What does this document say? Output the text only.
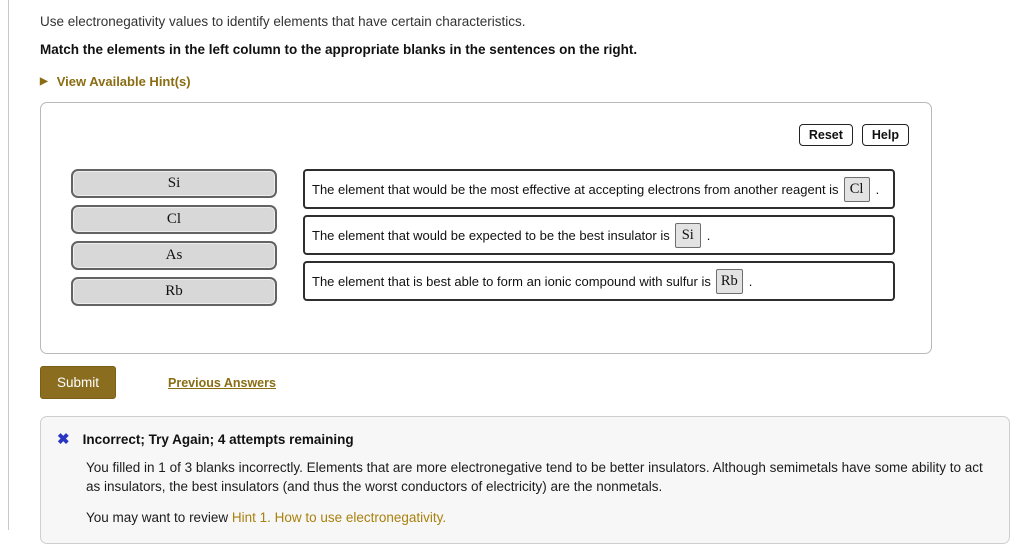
Use electronegativity values to identify elements that have certain characteristics.
Match the elements in the left column to the appropriate blanks in the sentences on the right.
▶ View Available Hint(s)
Reset	Help
Si
Cl
As
Rb
The element that would be the most effective at accepting electrons from another reagent is Cl .
The element that would be expected to be the best insulator is Si .
The element that is best able to form an ionic compound with sulfur is Rb .
Submit	Previous Answers
✖ Incorrect; Try Again; 4 attempts remaining
You filled in 1 of 3 blanks incorrectly. Elements that are more electronegative tend to be better insulators. Although semimetals have some ability to act as insulators, the best insulators (and thus the worst conductors of electricity) are the nonmetals.
You may want to review Hint 1. How to use electronegativity.
